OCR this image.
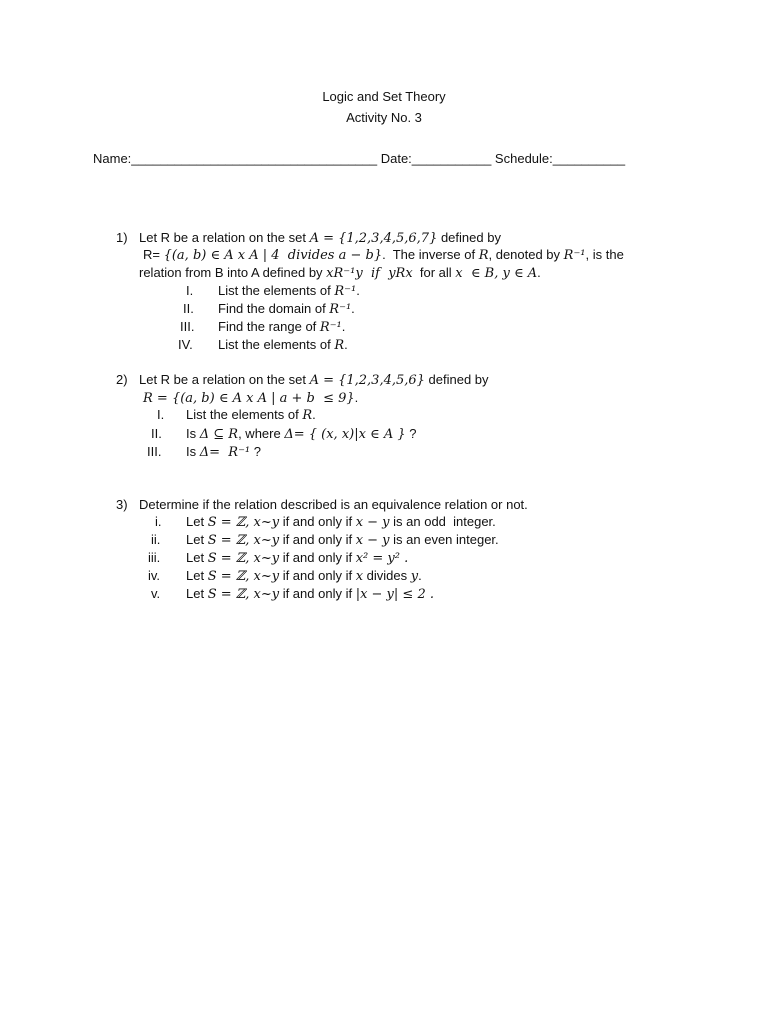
Logic and Set Theory
Activity No. 3
Name:__________________________________ Date:___________ Schedule:__________
1) Let R be a relation on the set A = {1,2,3,4,5,6,7} defined by
R= {(a, b) ∈ A x A | 4  divides a − b}.  The inverse of R, denoted by R⁻¹, is the
relation from B into A defined by xR⁻¹y  if  yRx  for all x  ∈ B, y ∈ A.
I. List the elements of R⁻¹.
II. Find the domain of R⁻¹.
III. Find the range of R⁻¹.
IV. List the elements of R.
2) Let R be a relation on the set A = {1,2,3,4,5,6} defined by
R = {(a, b) ∈ A x A | a + b  ≤ 9}.
I. List the elements of R.
II. Is Δ ⊆ R, where Δ= { (x, x)|x ∈ A } ?
III. Is Δ=  R⁻¹ ?
3) Determine if the relation described is an equivalence relation or not.
i. Let S = ℤ, x~y if and only if x − y is an odd  integer.
ii. Let S = ℤ, x~y if and only if x − y is an even integer.
iii. Let S = ℤ, x~y if and only if x² = y² .
iv. Let S = ℤ, x~y if and only if x divides y.
v. Let S = ℤ, x~y if and only if |x − y| ≤ 2 .
